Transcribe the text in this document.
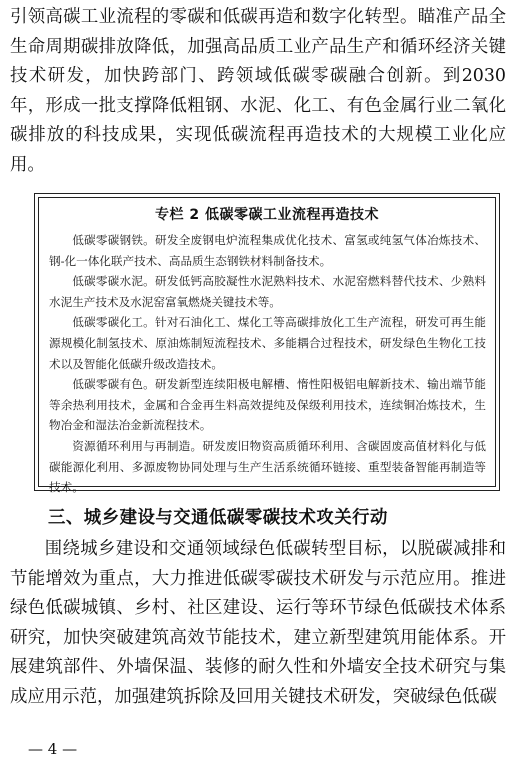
引领高碳工业流程的零碳和低碳再造和数字化转型。瞄准产品全生命周期碳排放降低，加强高品质工业产品生产和循环经济关键技术研发，加快跨部门、跨领域低碳零碳融合创新。到2030年，形成一批支撑降低粗钢、水泥、化工、有色金属行业二氧化碳排放的科技成果，实现低碳流程再造技术的大规模工业化应用。
专栏 2 低碳零碳工业流程再造技术

低碳零碳钢铁。研发全废钢电炉流程集成优化技术、富氢或纯氢气体冶炼技术、钢-化一体化联产技术、高品质生态钢铁材料制备技术。

低碳零碳水泥。研发低钙高胶凝性水泥熟料技术、水泥窑燃料替代技术、少熟料水泥生产技术及水泥窑富氧燃烧关键技术等。

低碳零碳化工。针对石油化工、煤化工等高碳排放化工生产流程，研发可再生能源规模化制氢技术、原油炼制短流程技术、多能耦合过程技术，研发绿色生物化工技术以及智能化低碳升级改造技术。

低碳零碳有色。研发新型连续阳极电解槽、惰性阳极铝电解新技术、输出端节能等余热利用技术，金属和合金再生料高效提纯及保级利用技术，连续铜冶炼技术，生物冶金和湿法冶金新流程技术。

资源循环利用与再制造。研发废旧物资高质循环利用、含碳固废高值材料化与低碳能源化利用、多源废物协同处理与生产生活系统循环链接、重型装备智能再制造等技术。

三、城乡建设与交通低碳零碳技术攻关行动

围绕城乡建设和交通领域绿色低碳转型目标，以脱碳减排和节能增效为重点，大力推进低碳零碳技术研发与示范应用。推进绿色低碳城镇、乡村、社区建设、运行等环节绿色低碳技术体系研究，加快突破建筑高效节能技术，建立新型建筑用能体系。开展建筑部件、外墙保温、装修的耐久性和外墙安全技术研究与集成应用示范，加强建筑拆除及回用关键技术研发，突破绿色低碳

— 4 —
